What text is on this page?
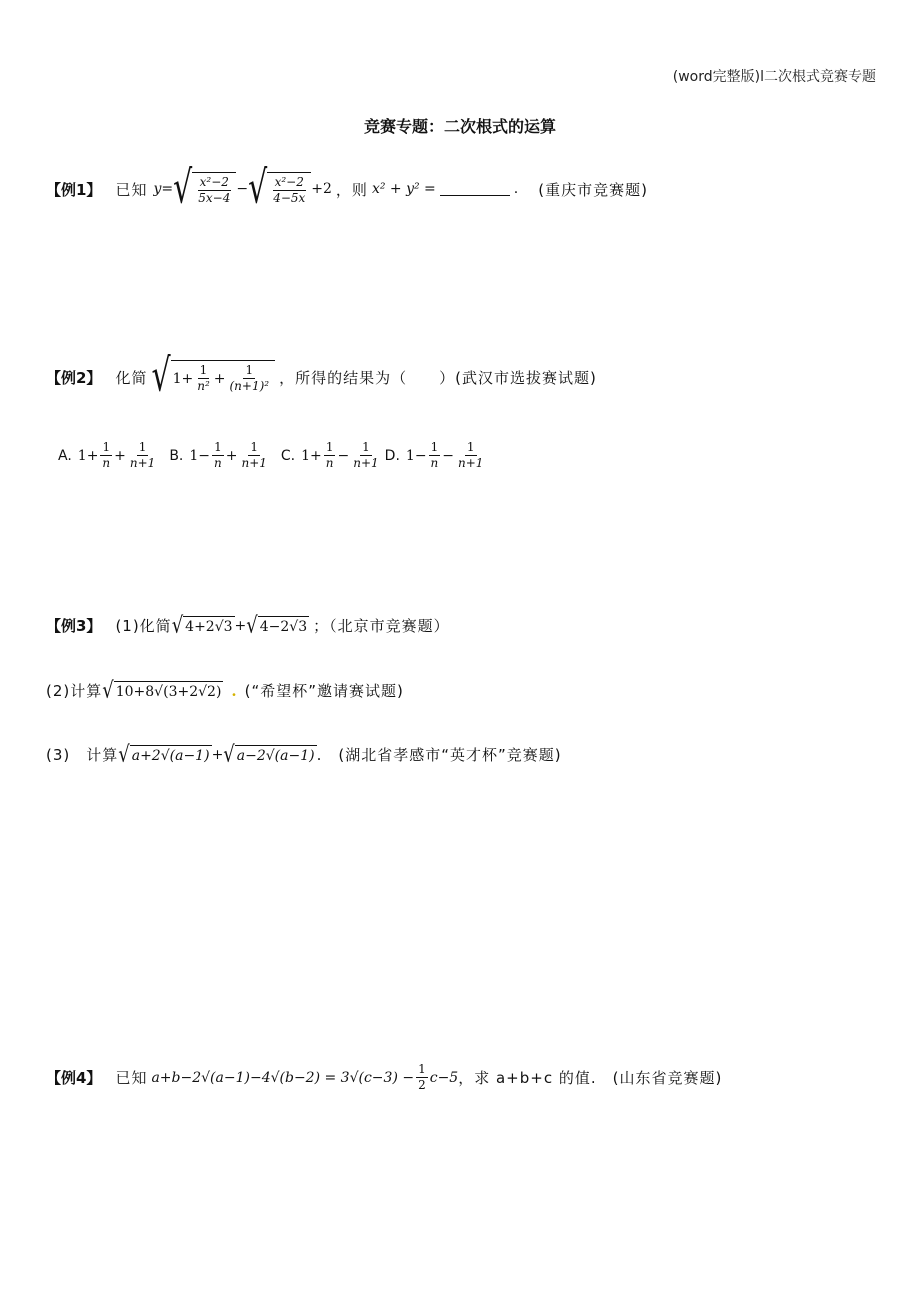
(word完整版)l二次根式竞赛专题
竞赛专题：二次根式的运算
【例1】 已知 y = √ $\frac{\text{x²−2}}{5x-4}$ − √ $\frac{\text{x²−2}}{4-5x} +2$ ，则 x² + y² =	. (重庆市竞赛题)
【例2】 化简 √ $1+ \frac{1}{\text{n²}} + \frac{1}{\text{(n+1)²}}$ ，所得的结果为（　　）(武汉市选拔赛试题)
A. $1+ \frac{1}{n} + \frac{1}{n+1} B$. $1- \frac{1}{n} + \frac{1}{n+1} C$. $1+ \frac{1}{n} - \frac{1}{n+1} D$. $1- \frac{1}{n} - \frac{1}{n+1}$
【例3】 (1)化简 √ 4+2√3 + √ 4−2√3 ；（北京市竞赛题）
(2)计算 √ 10+8√(3+2√2) . (“希望杯”邀请赛试题)
(3)　计算 √ a+2√(a−1) + √ a−2√(a−1) .　(湖北省孝感市“英才杯”竞赛题)
【例4】 已知 $a+b-2√(a-1)-4√(b-2) = 3√(c-3) - \frac{1}{2} c-5$ ，求 a+b+c 的值.　(山东省竞赛题)
